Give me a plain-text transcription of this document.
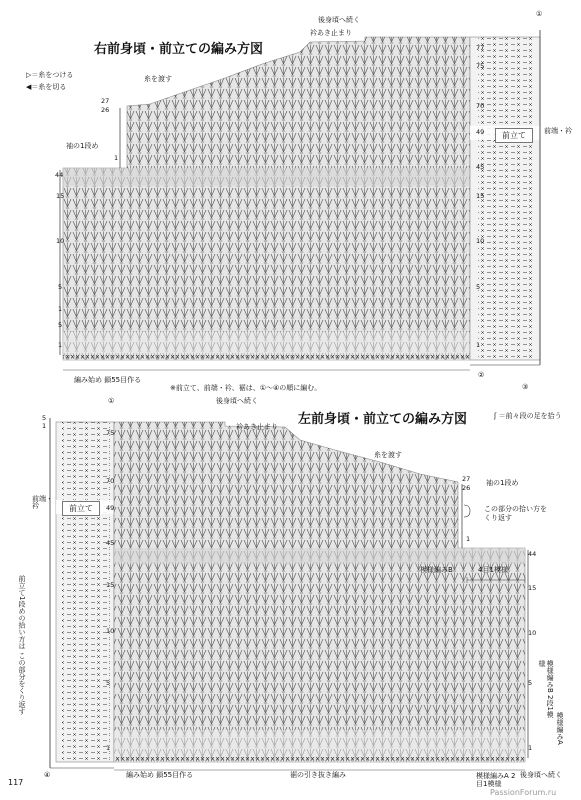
右前身頃・前立ての編み方図
▷＝糸をつける
◀＝糸を切る
後身頃へ続く
衿あき止まり
糸を渡す
袖の1段め
前立て	前端・衿
編み始め 鎖55目作る
※前立て、前端・衿、裾は、①〜④の順に編む。
②
①
③
27
26
1
44
15
10
5
1
5
1
77
75
70
49
45
15
10
5
1
左前身頃・前立ての編み方図	ʃ ＝前々段の足を拾う
後身頃へ続く
衿あき止まり
糸を渡す
袖の1段め
この部分の拾い方を
くり返す
前立て
前端・衿
模様編みB	4目1模様
模様編みB 2段1模様
模様編みA
模様編みA 2目1模様
編み始め 鎖55目作る	裾の引き抜き編み	後身頃へ続く
前立て1段めの拾い方は この部分をくり返す
①
④
5
1
75
70
49
45
15
10
5
1
27
26
1
44
15
10
5
1
117
PassionForum.ru
